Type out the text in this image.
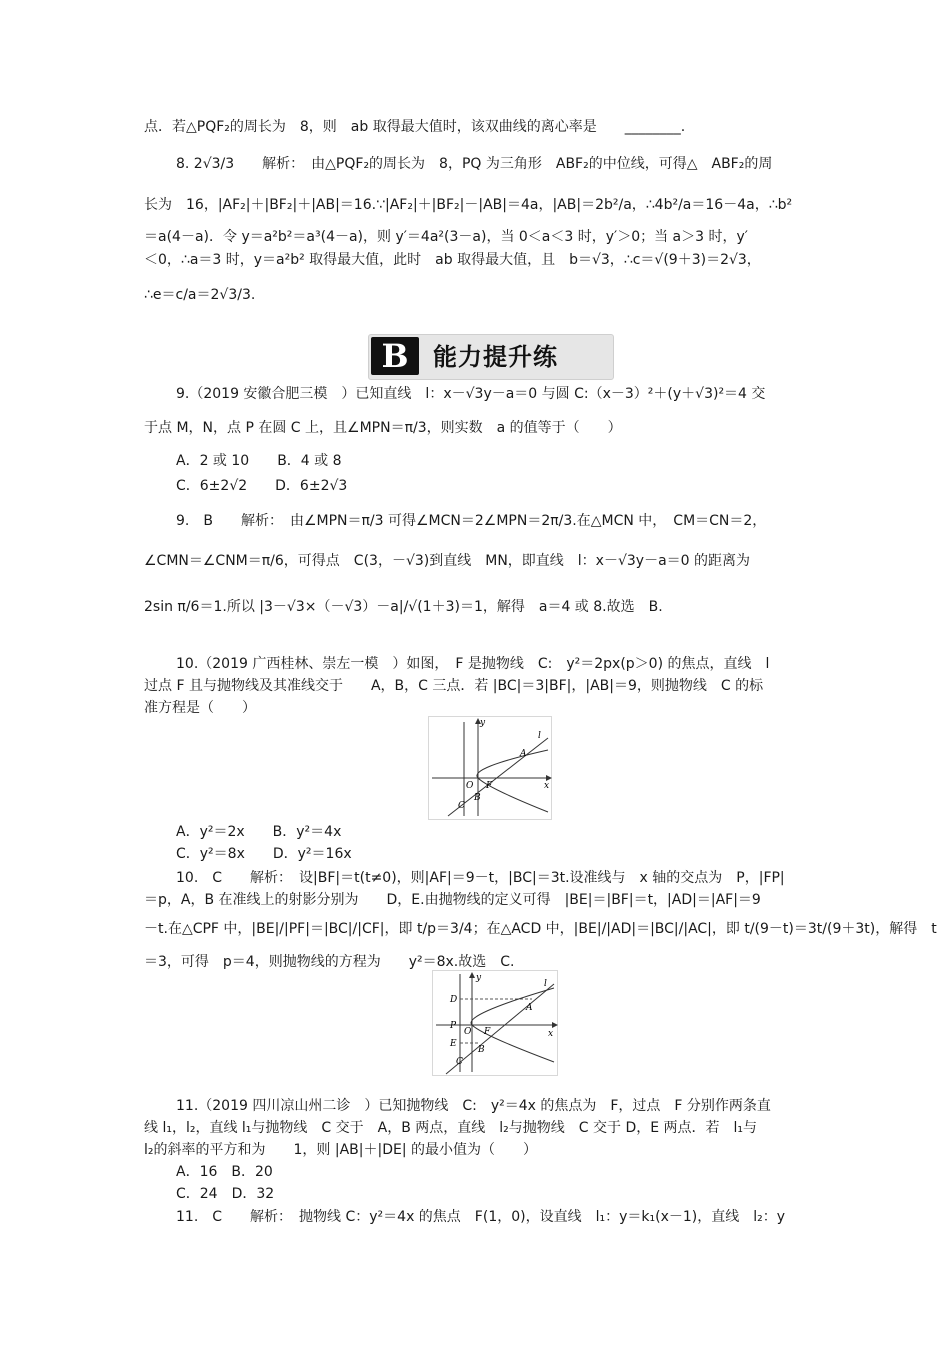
点．若△PQF₂的周长为　8，则　ab 取得最大值时，该双曲线的离心率是　　________.
8. 2√3/3　　解析：　由△PQF₂的周长为　8，PQ 为三角形　ABF₂的中位线，可得△　ABF₂的周
长为　16，|AF₂|＋|BF₂|＋|AB|＝16.∵|AF₂|＋|BF₂|－|AB|＝4a，|AB|＝2b²/a，∴4b²/a＝16－4a，∴b²
＝a(4－a)．令 y＝a²b²＝a³(4－a)，则 y′＝4a²(3－a)，当 0＜a＜3 时，y′＞0；当 a＞3 时，y′
＜0，∴a＝3 时，y＝a²b² 取得最大值，此时　ab 取得最大值，且　b＝√3，∴c＝√(9＋3)＝2√3，
∴e＝c/a＝2√3/3.
B	能力提升练
9.（2019 安徽合肥三模　）已知直线　l：x－√3y－a＝0 与圆 C:（x－3）²＋(y＋√3)²＝4 交
于点 M，N，点 P 在圆 C 上，且∠MPN＝π/3，则实数　a 的值等于（　　）
A．2 或 10　　B．4 或 8
C．6±2√2　　D．6±2√3
9.　B　　解析：　由∠MPN＝π/3 可得∠MCN＝2∠MPN＝2π/3.在△MCN 中，　CM＝CN＝2，
∠CMN＝∠CNM＝π/6，可得点　C(3，－√3)到直线　MN，即直线　l：x－√3y－a＝0 的距离为
2sin π/6＝1.所以 |3－√3×（－√3）－a|/√(1＋3)＝1，解得　a＝4 或 8.故选　B.
10.（2019 广西桂林、崇左一模　）如图，　F 是抛物线　C:　y²＝2px(p＞0) 的焦点，直线　l
过点 F 且与抛物线及其准线交于　　A，B，C 三点．若 |BC|＝3|BF|，|AB|＝9，则抛物线　C 的标
准方程是（　　）
y
l
A
O F	x
B
C
A．y²＝2x　　B．y²＝4x
C．y²＝8x　　D．y²＝16x
10.　C　　解析：　设|BF|＝t(t≠0)，则|AF|＝9－t，|BC|＝3t.设准线与　x 轴的交点为　P，|FP|
＝p，A，B 在准线上的射影分别为　　D，E.由抛物线的定义可得　|BE|＝|BF|＝t，|AD|＝|AF|＝9
－t.在△CPF 中，|BE|/|PF|＝|BC|/|CF|，即 t/p＝3/4；在△ACD 中，|BE|/|AD|＝|BC|/|AC|，即 t/(9－t)＝3t/(9＋3t)，解得　t
＝3，可得　p＝4，则抛物线的方程为　　y²＝8x.故选　C.
y
D
l
A
P
O F
E
B
C
x
11.（2019 四川凉山州二诊　）已知抛物线　C:　y²＝4x 的焦点为　F，过点　F 分别作两条直
线 l₁，l₂，直线 l₁与抛物线　C 交于　A，B 两点，直线　l₂与抛物线　C 交于 D，E 两点．若　l₁与
l₂的斜率的平方和为　　1，则 |AB|＋|DE| 的最小值为（　　）
A．16　B．20
C．24　D．32
11.　C　　解析：　抛物线 C：y²＝4x 的焦点　F(1，0)，设直线　l₁：y＝k₁(x－1)，直线　l₂：y
